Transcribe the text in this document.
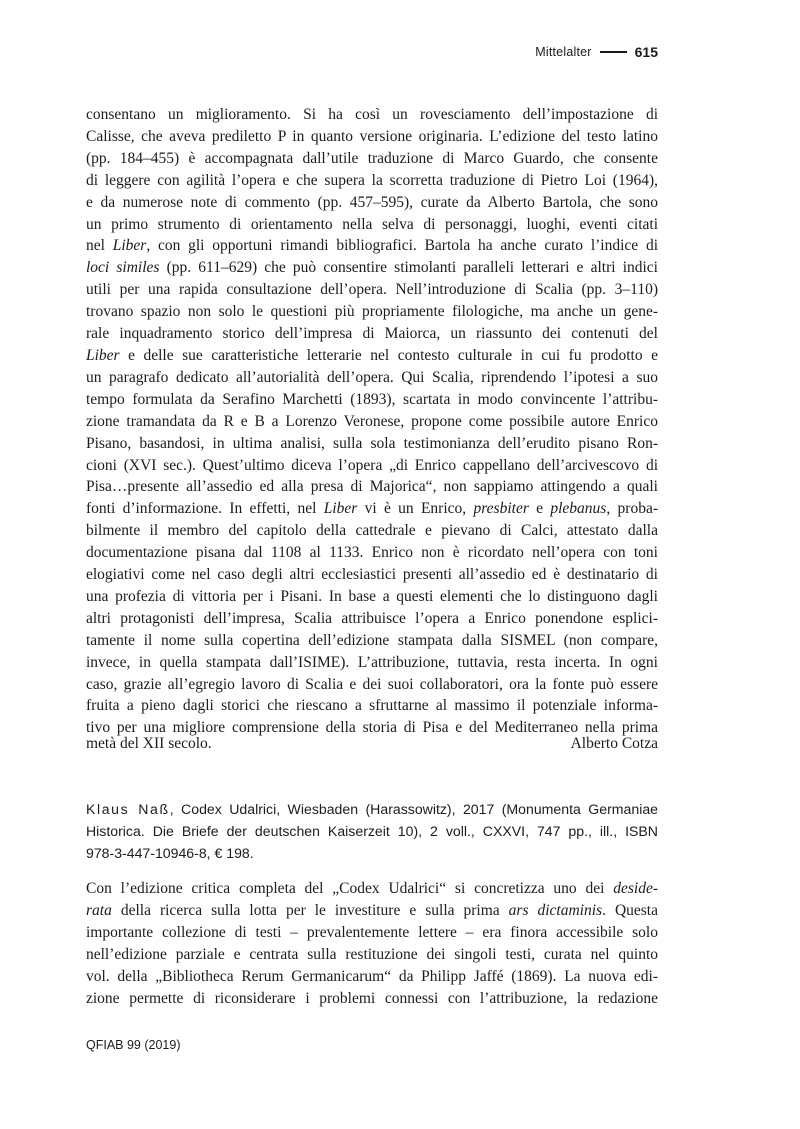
Mittelalter	615
consentano un miglioramento. Si ha così un rovesciamento dell’impostazione di
Calisse, che aveva prediletto P in quanto versione originaria. L’edizione del testo latino
(pp. 184–455) è accompagnata dall’utile traduzione di Marco Guardo, che consente
di leggere con agilità l’opera e che supera la scorretta traduzione di Pietro Loi (1964),
e da numerose note di commento (pp. 457–595), curate da Alberto Bartola, che sono
un primo strumento di orientamento nella selva di personaggi, luoghi, eventi citati
nel Liber, con gli opportuni rimandi bibliografici. Bartola ha anche curato l’indice di
loci similes (pp. 611–629) che può consentire stimolanti paralleli letterari e altri indici
utili per una rapida consultazione dell’opera. Nell’introduzione di Scalia (pp. 3–110)
trovano spazio non solo le questioni più propriamente filologiche, ma anche un gene-
rale inquadramento storico dell’impresa di Maiorca, un riassunto dei contenuti del
Liber e delle sue caratteristiche letterarie nel contesto culturale in cui fu prodotto e
un paragrafo dedicato all’autorialità dell’opera. Qui Scalia, riprendendo l’ipotesi a suo
tempo formulata da Serafino Marchetti (1893), scartata in modo convincente l’attribu-
zione tramandata da R e B a Lorenzo Veronese, propone come possibile autore Enrico
Pisano, basandosi, in ultima analisi, sulla sola testimonianza dell’erudito pisano Ron-
cioni (XVI sec.). Quest’ultimo diceva l’opera „di Enrico cappellano dell’arcivescovo di
Pisa…presente all’assedio ed alla presa di Majorica“, non sappiamo attingendo a quali
fonti d’informazione. In effetti, nel Liber vi è un Enrico, presbiter e plebanus, proba-
bilmente il membro del capitolo della cattedrale e pievano di Calci, attestato dalla
documentazione pisana dal 1108 al 1133. Enrico non è ricordato nell’opera con toni
elogiativi come nel caso degli altri ecclesiastici presenti all’assedio ed è destinatario di
una profezia di vittoria per i Pisani. In base a questi elementi che lo distinguono dagli
altri protagonisti dell’impresa, Scalia attribuisce l’opera a Enrico ponendone esplici-
tamente il nome sulla copertina dell’edizione stampata dalla SISMEL (non compare,
invece, in quella stampata dall’ISIME). L’attribuzione, tuttavia, resta incerta. In ogni
caso, grazie all’egregio lavoro di Scalia e dei suoi collaboratori, ora la fonte può essere
fruita a pieno dagli storici che riescano a sfruttarne al massimo il potenziale informa-
tivo per una migliore comprensione della storia di Pisa e del Mediterraneo nella prima
metà del XII secolo.	Alberto Cotza
Klaus Naß, Codex Udalrici, Wiesbaden (Harassowitz), 2017 (Monumenta Germaniae
Historica. Die Briefe der deutschen Kaiserzeit 10), 2 voll., CXXVI, 747 pp., ill., ISBN
978-3-447-10946-8, € 198.
Con l’edizione critica completa del „Codex Udalrici“ si concretizza uno dei deside-
rata della ricerca sulla lotta per le investiture e sulla prima ars dictaminis. Questa
importante collezione di testi – prevalentemente lettere – era finora accessibile solo
nell’edizione parziale e centrata sulla restituzione dei singoli testi, curata nel quinto
vol. della „Bibliotheca Rerum Germanicarum“ da Philipp Jaffé (1869). La nuova edi-
zione permette di riconsiderare i problemi connessi con l’attribuzione, la redazione
QFIAB 99 (2019)
